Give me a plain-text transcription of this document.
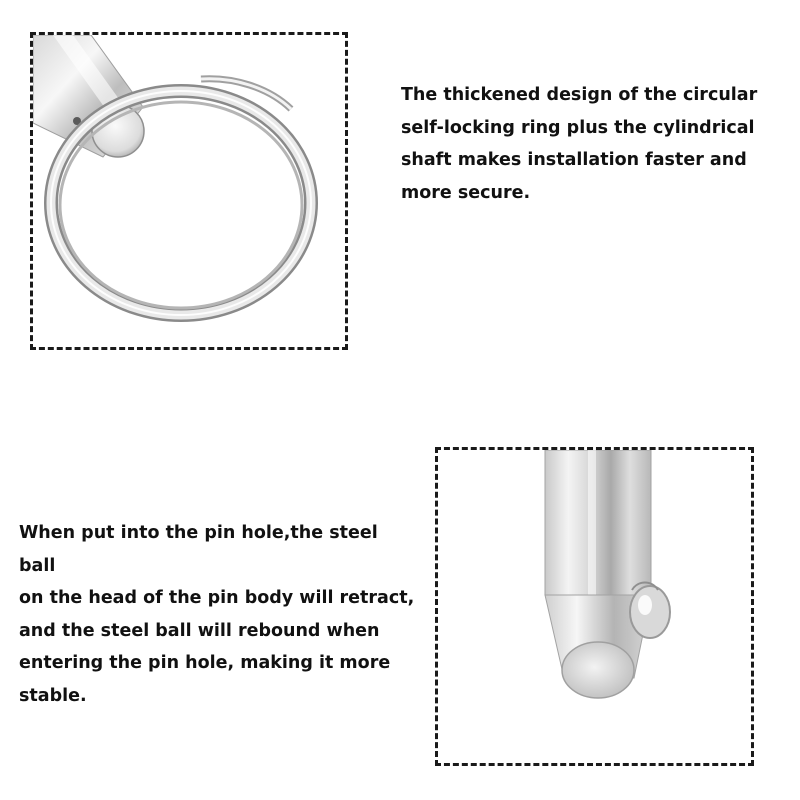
The thickened design of the circular
self-locking ring plus the cylindrical
shaft makes installation faster and
more secure.

When put into the pin hole,the steel ball
on the head of the pin body will retract,
and the steel ball will rebound when
entering the pin hole, making it more
stable.
